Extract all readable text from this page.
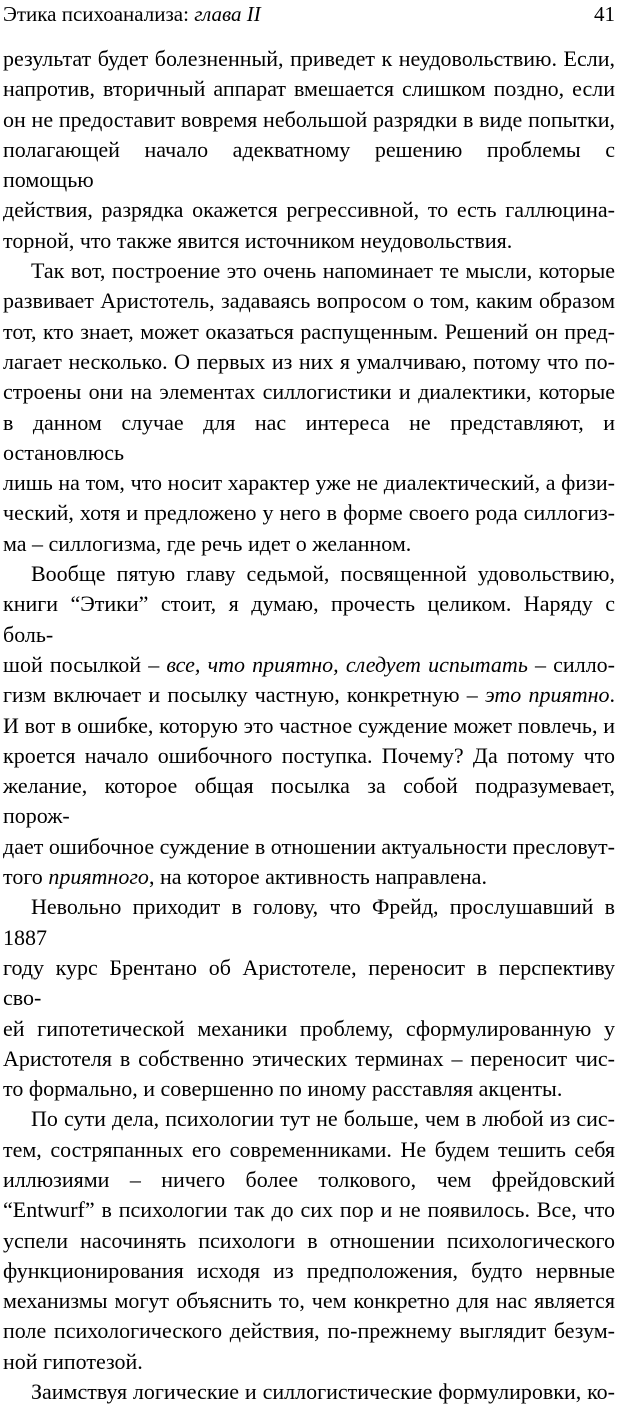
Этика психоанализа: глава II	41

результат будет болезненный, приведет к неудовольствию. Если,
напротив, вторичный аппарат вмешается слишком поздно, если
он не предоставит вовремя небольшой разрядки в виде попытки,
полагающей начало адекватному решению проблемы с помощью
действия, разрядка окажется регрессивной, то есть галлюцина-

торной, что также явится источником неудовольствия.

Так вот, построение это очень напоминает те мысли, которые

развивает Аристотель, задаваясь вопросом о том, каким образом
тот, кто знает, может оказаться распущенным. Решений он пред-
лагает несколько. О первых из них я умалчиваю, потому что по-
строены они на элементах силлогистики и диалектики, которые
в данном случае для нас интереса не представляют, и остановлюсь
лишь на том, что носит характер уже не диалектический, а физи-
ческий, хотя и предложено у него в форме своего рода силлогиз-

ма – силлогизма, где речь идет о желанном.

Вообще пятую главу седьмой, посвященной удовольствию,

книги “Этики” стоит, я думаю, прочесть целиком. Наряду с боль-
шой посылкой – все, что приятно, следует испытать – силло-
гизм включает и посылку частную, конкретную – это приятно.
И вот в ошибке, которую это частное суждение может повлечь, и
кроется начало ошибочного поступка. Почему? Да потому что
желание, которое общая посылка за собой подразумевает, порож-
дает ошибочное суждение в отношении актуальности пресловут-

того приятного, на которое активность направлена.

Невольно приходит в голову, что Фрейд, прослушавший в 1887

году курс Брентано об Аристотеле, переносит в перспективу сво-
ей гипотетической механики проблему, сформулированную у
Аристотеля в собственно этических терминах – переносит чис-

то формально, и совершенно по иному расставляя акценты.

По сути дела, психологии тут не больше, чем в любой из сис-

тем, состряпанных его современниками. Не будем тешить себя
иллюзиями – ничего более толкового, чем фрейдовский
“Entwurf” в психологии так до сих пор и не появилось. Все, что
успели насочинять психологи в отношении психологического
функционирования исходя из предположения, будто нервные
механизмы могут объяснить то, чем конкретно для нас является
поле психологического действия, по-прежнему выглядит безум-

ной гипотезой.

Заимствуя логические и силлогистические формулировки, ко-
